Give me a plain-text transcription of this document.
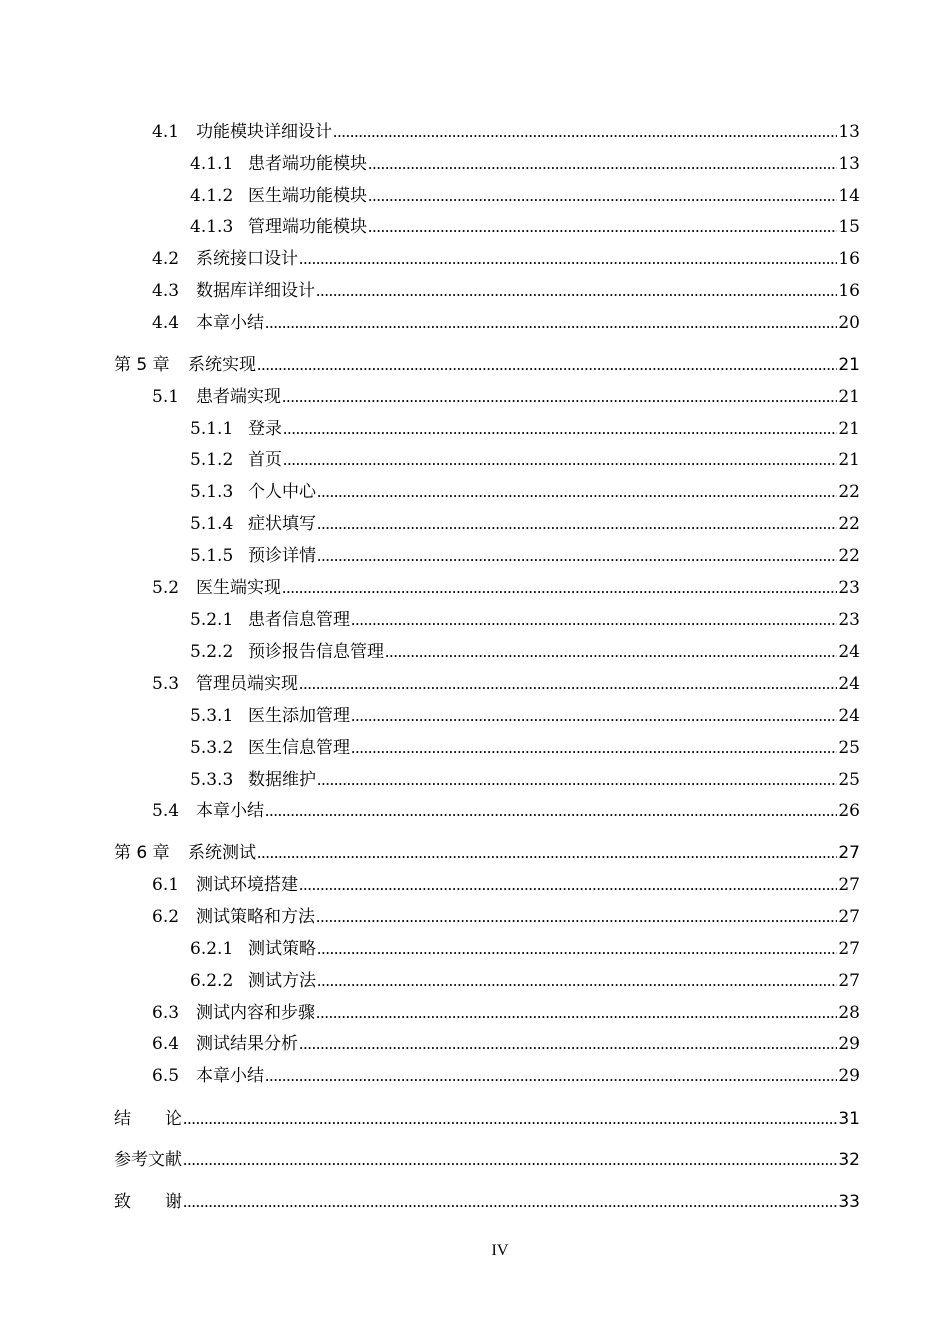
4.1 功能模块详细设计 .....	13
4.1.1 患者端功能模块 .....	13
4.1.2 医生端功能模块 .....	14
4.1.3 管理端功能模块 .....	15
4.2 系统接口设计 .....	16
4.3 数据库详细设计 .....	16
4.4 本章小结 .....	20
第 5 章	系统实现 .....	21
5.1 患者端实现 .....	21
5.1.1 登录 .....	21
5.1.2 首页 .....	21
5.1.3 个人中心 .....	22
5.1.4 症状填写 .....	22
5.1.5 预诊详情 .....	22
5.2 医生端实现 .....	23
5.2.1 患者信息管理 .....	23
5.2.2 预诊报告信息管理 .....	24
5.3 管理员端实现 .....	24
5.3.1 医生添加管理 .....	24
5.3.2 医生信息管理 .....	25
5.3.3 数据维护 .....	25
5.4 本章小结 .....	26
第 6 章	系统测试 .....	27
6.1 测试环境搭建 .....	27
6.2 测试策略和方法 .....	27
6.2.1 测试策略 .....	27
6.2.2 测试方法 .....	27
6.3 测试内容和步骤 .....	28
6.4 测试结果分析 .....	29
6.5 本章小结 .....	29
结　　论 .....	31
参考文献 .....	32
致　　谢 .....	33
IV
